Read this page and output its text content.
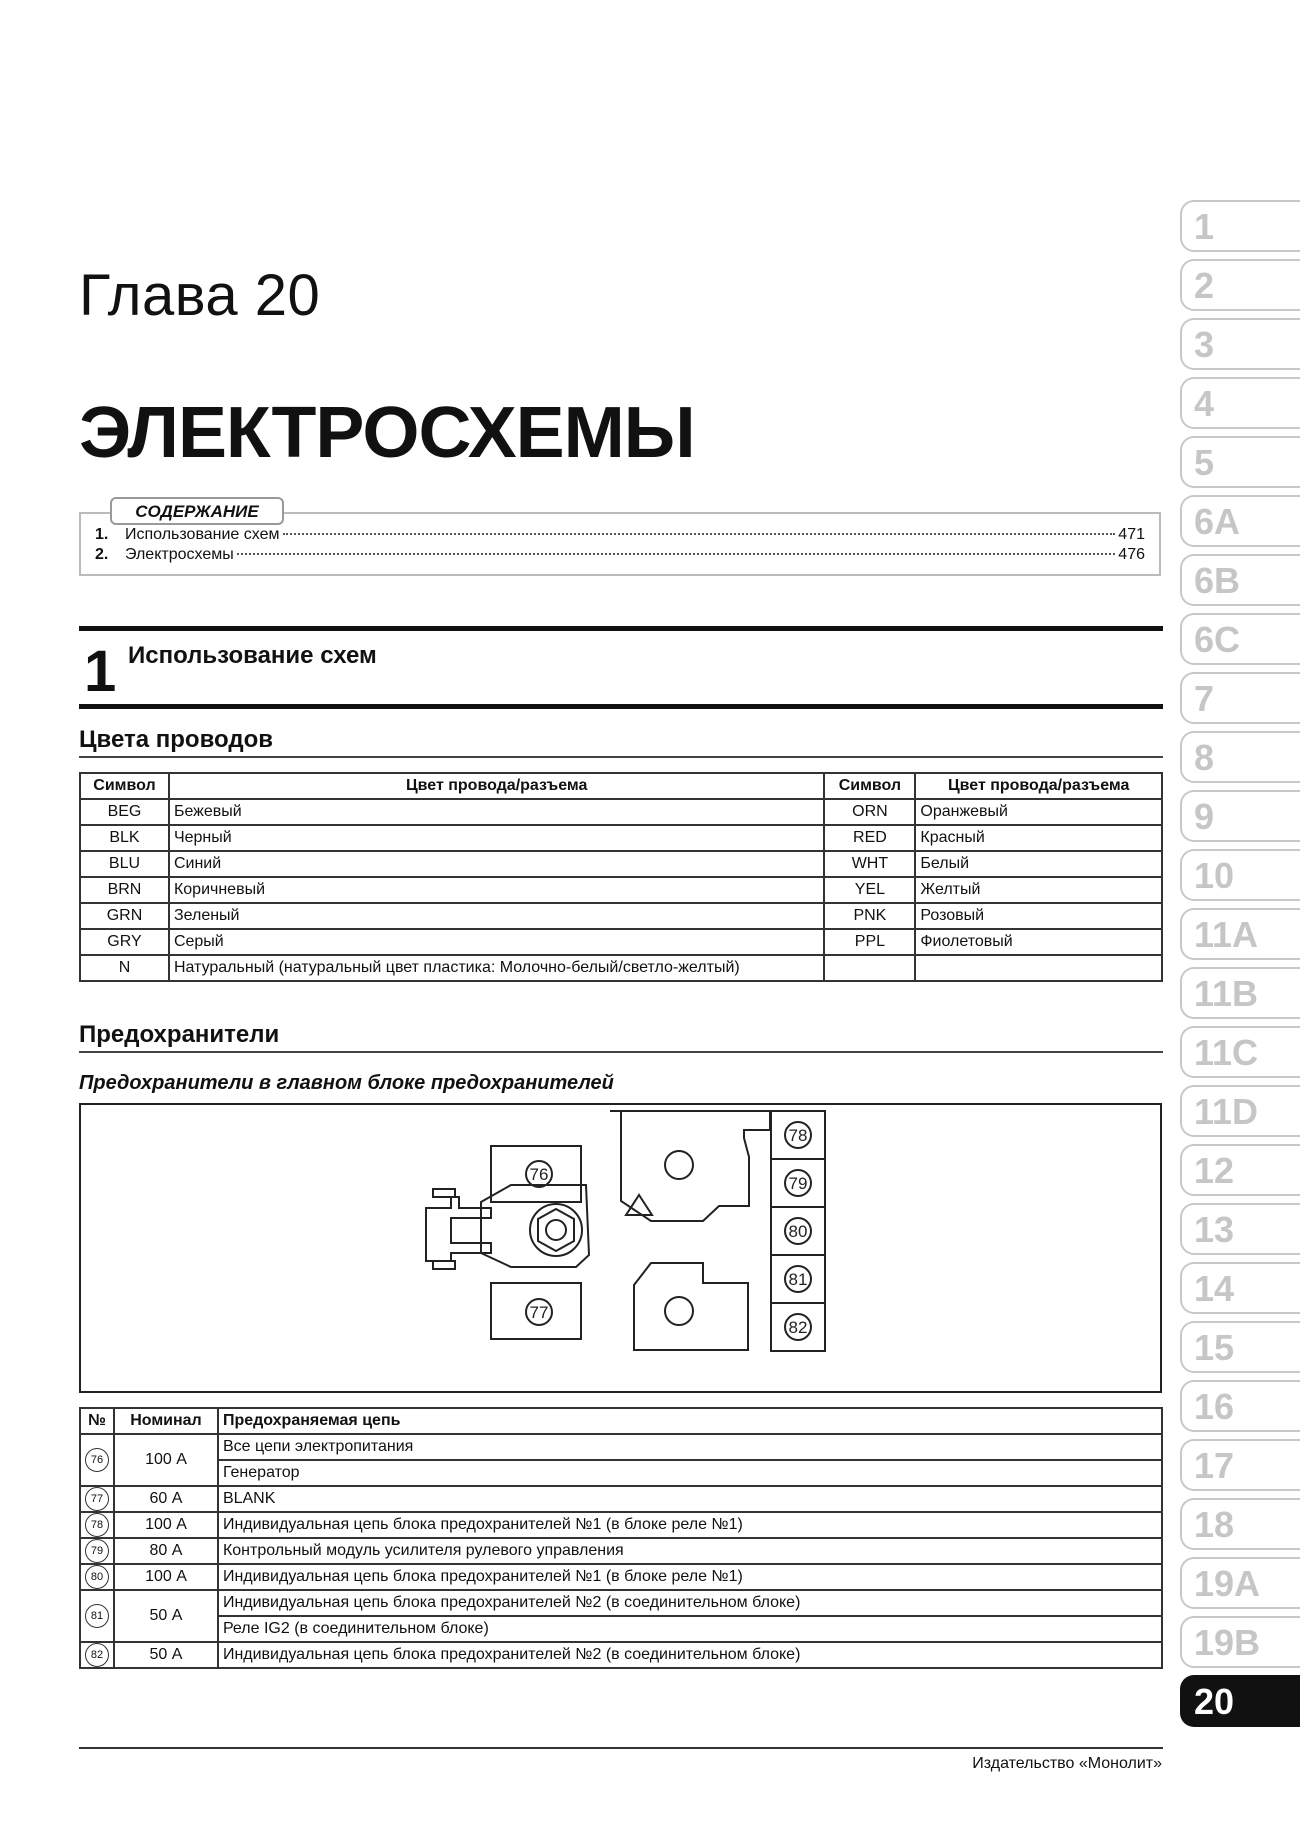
Глава 20
ЭЛЕКТРОСХЕМЫ
1.	Использование схем	471
2.	Электросхемы	476
СОДЕРЖАНИЕ
1 Использование схем
Цвета проводов
Символ	Цвет провода/разъема	Символ	Цвет провода/разъема
BEG	Бежевый	ORN	Оранжевый
BLK	Черный	RED	Красный
BLU	Синий	WHT	Белый
BRN	Коричневый	YEL	Желтый
GRN	Зеленый	PNK	Розовый
GRY	Серый	PPL	Фиолетовый
N	Натуральный (натуральный цвет пластика: Молочно-белый/светло-желтый)		
Предохранители
Предохранители в главном блоке предохранителей
76
77
78
79
80
81
82
№	Номинал	Предохраняемая цепь
76	100 А	Все цепи электропитания
		Генератор
77	60 А	BLANK
78	100 А	Индивидуальная цепь блока предохранителей №1 (в блоке реле №1)
79	80 А	Контрольный модуль усилителя рулевого управления
80	100 А	Индивидуальная цепь блока предохранителей №1 (в блоке реле №1)
81	50 А	Индивидуальная цепь блока предохранителей №2 (в соединительном блоке)
		Реле IG2 (в соединительном блоке)
82	50 А	Индивидуальная цепь блока предохранителей №2 (в соединительном блоке)
Издательство «Монолит»
1
2
3
4
5
6A
6B
6C
7
8
9
10
11A
11B
11C
11D
12
13
14
15
16
17
18
19A
19B
20
